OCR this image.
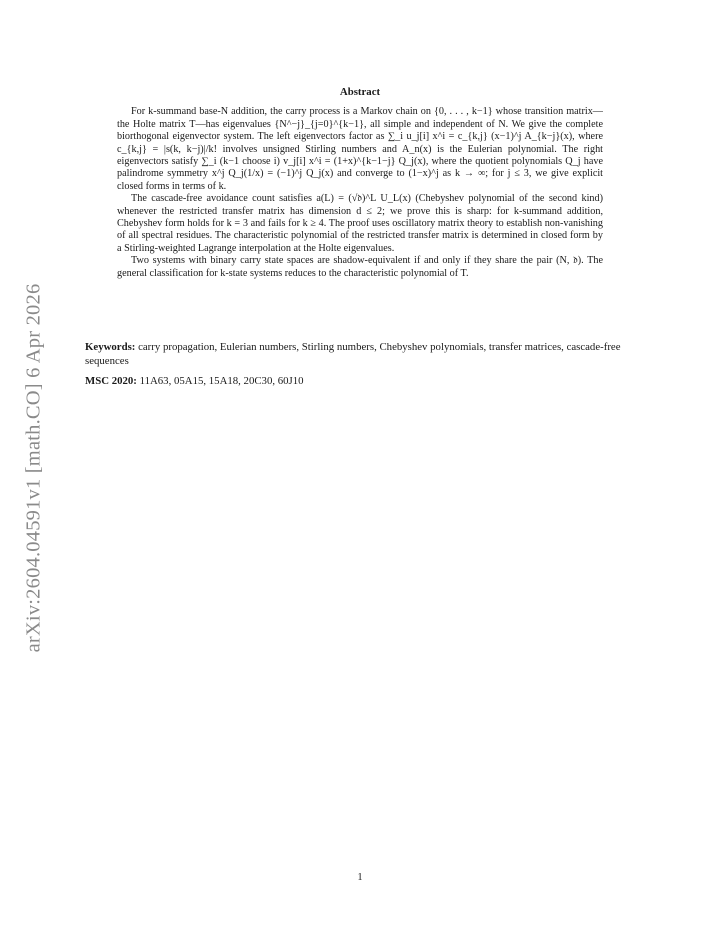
arXiv:2604.04591v1 [math.CO] 6 Apr 2026
Abstract

For k-summand base-N addition, the carry process is a Markov chain on {0, . . . , k−1} whose transition matrix—the Holte matrix T—has eigenvalues {N^−j}_{j=0}^{k−1}, all simple and independent of N. We give the complete biorthogonal eigenvector system. The left eigenvectors factor as ∑_i u_j[i] x^i = c_{k,j} (x−1)^j A_{k−j}(x), where c_{k,j} = |s(k, k−j)|/k! involves unsigned Stirling numbers and A_n(x) is the Eulerian polynomial. The right eigenvectors satisfy ∑_i (k−1 choose i) v_j[i] x^i = (1+x)^{k−1−j} Q_j(x), where the quotient polynomials Q_j have palindrome symmetry x^j Q_j(1/x) = (−1)^j Q_j(x) and converge to (1−x)^j as k → ∞; for j ≤ 3, we give explicit closed forms in terms of k.

The cascade-free avoidance count satisfies a(L) = (√𝔡)^L U_L(x) (Chebyshev polynomial of the second kind) whenever the restricted transfer matrix has dimension d ≤ 2; we prove this is sharp: for k-summand addition, Chebyshev form holds for k = 3 and fails for k ≥ 4. The proof uses oscillatory matrix theory to establish non-vanishing of all spectral residues. The characteristic polynomial of the restricted transfer matrix is determined in closed form by a Stirling-weighted Lagrange interpolation at the Holte eigenvalues.

Two systems with binary carry state spaces are shadow-equivalent if and only if they share the pair (N, 𝔡). The general classification for k-state systems reduces to the characteristic polynomial of T.

Keywords: carry propagation, Eulerian numbers, Stirling numbers, Chebyshev polynomials, transfer matrices, cascade-free sequences

MSC 2020: 11A63, 05A15, 15A18, 20C30, 60J10

1
